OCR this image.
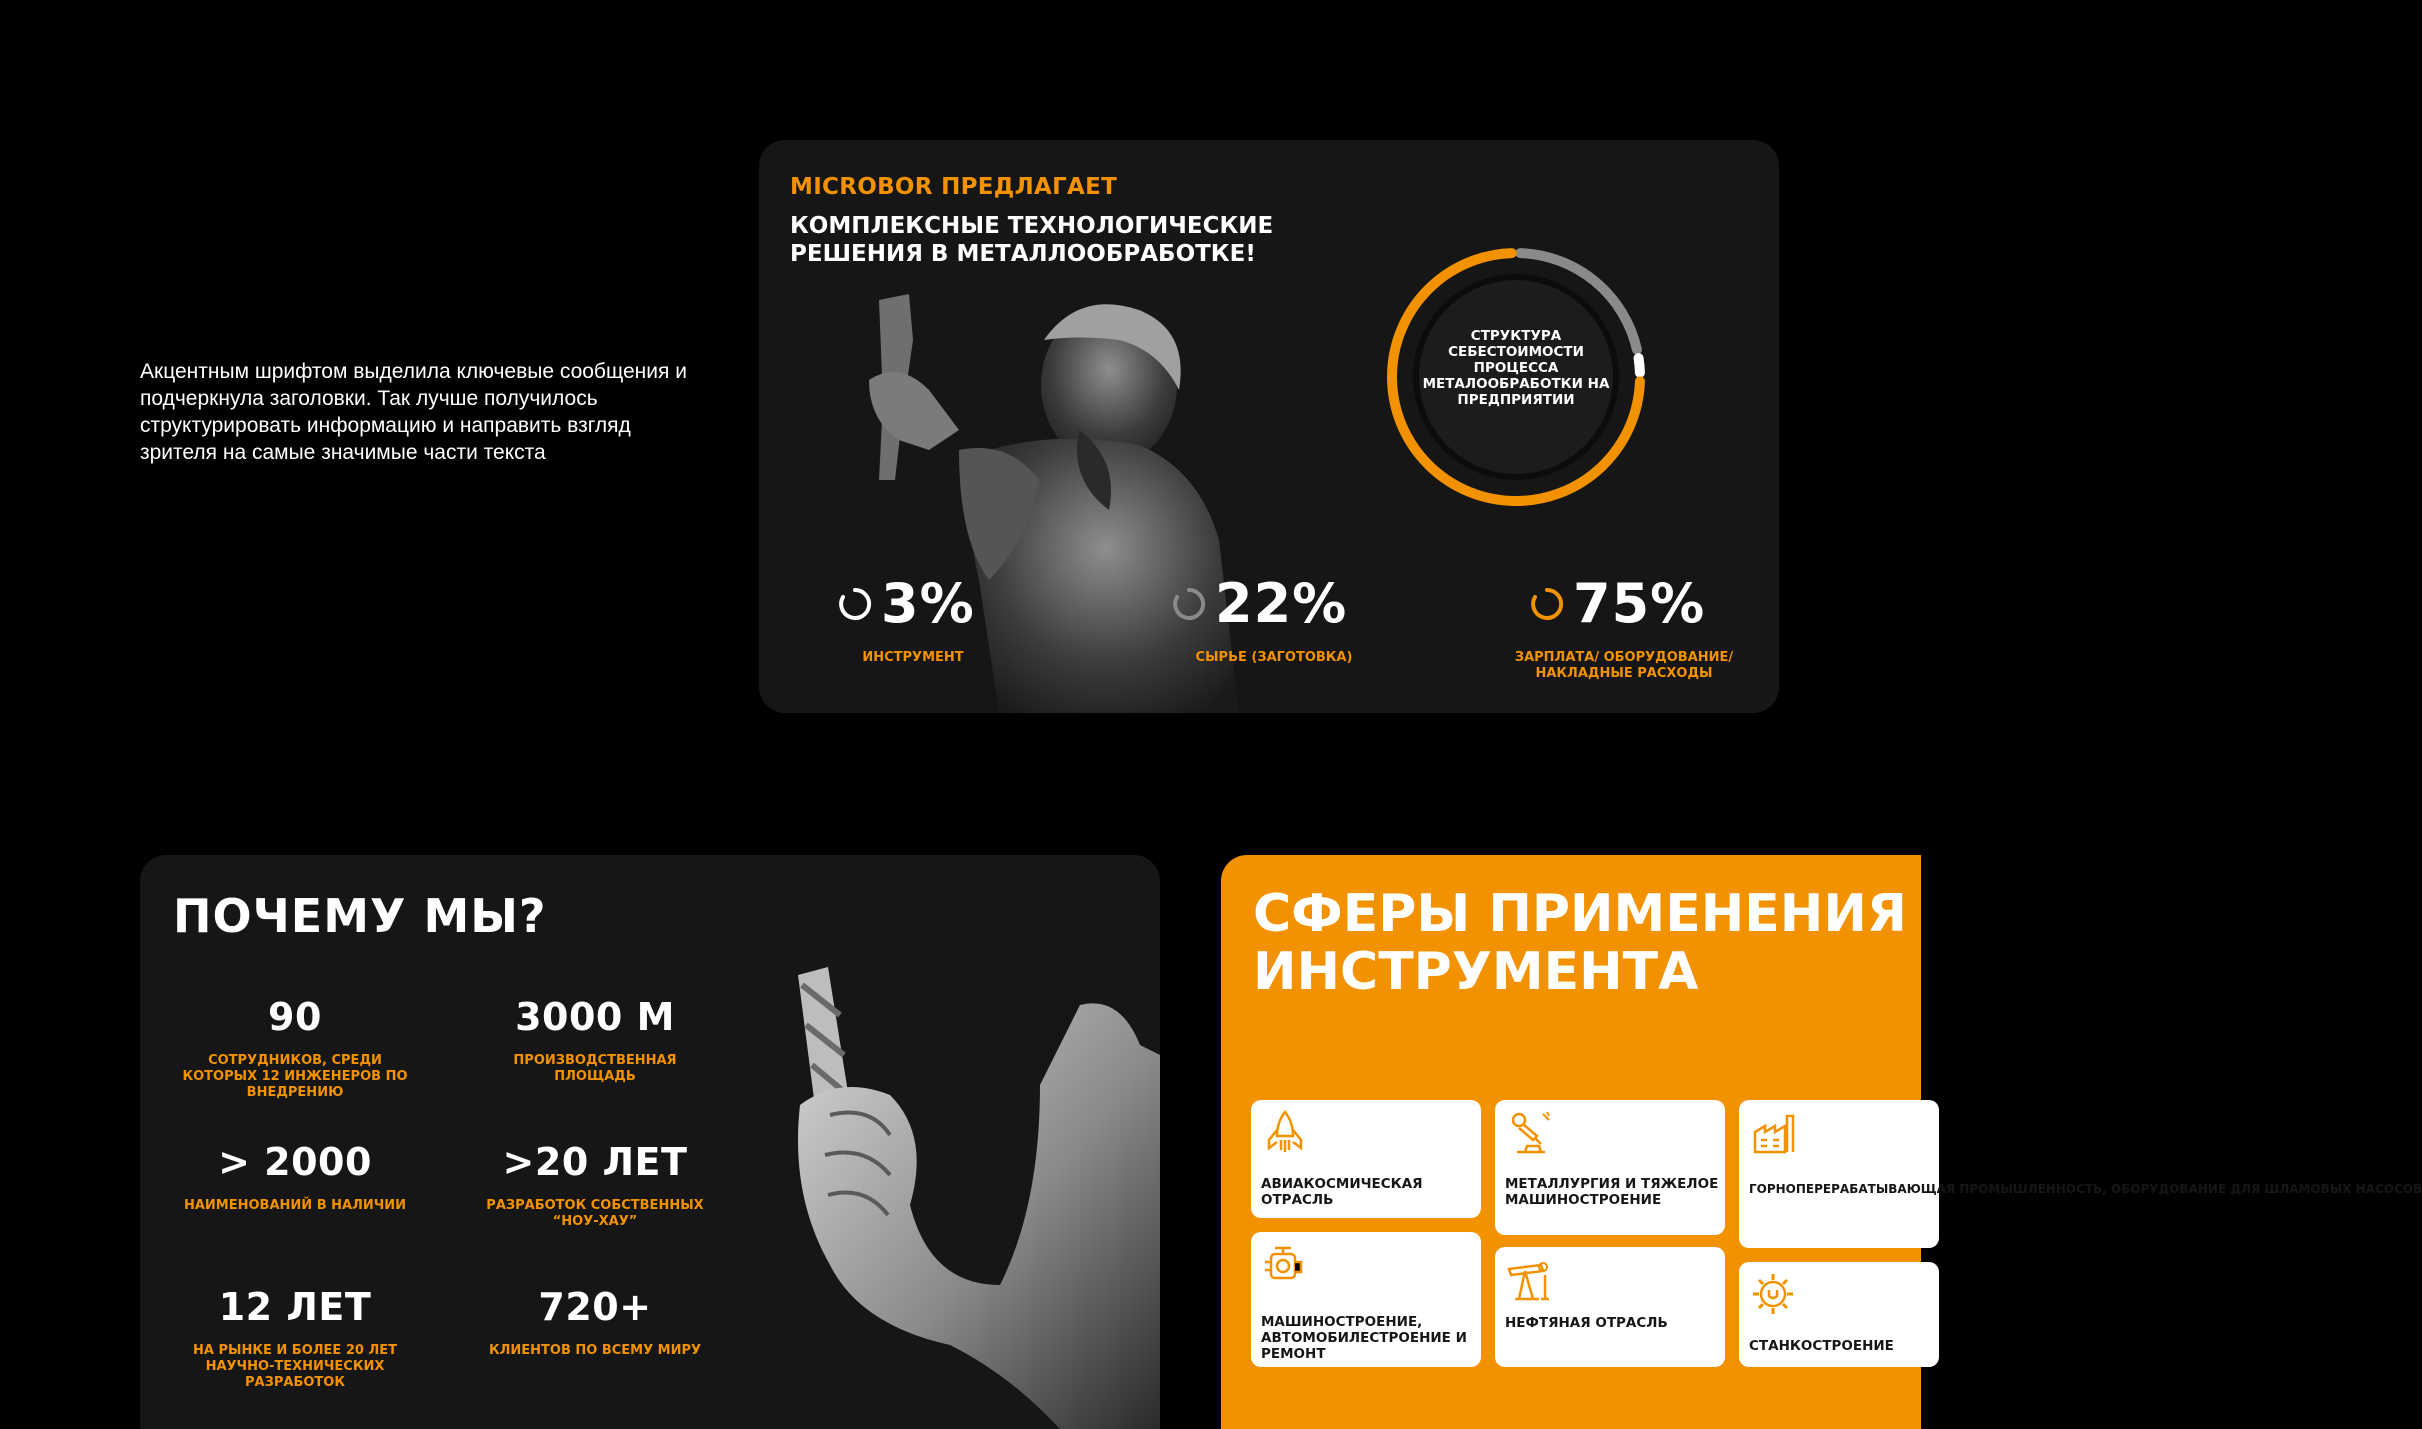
Акцентным шрифтом выделила ключевые сообщения и подчеркнула заголовки. Так лучше получилось структурировать информацию и направить взгляд зрителя на самые значимые части текста
MICROBOR ПРЕДЛАГАЕТ
КОМПЛЕКСНЫЕ ТЕХНОЛОГИЧЕСКИЕ РЕШЕНИЯ В МЕТАЛЛООБРАБОТКЕ!
СТРУКТУРА СЕБЕСТОИМОСТИ ПРОЦЕССА МЕТАЛООБРАБОТКИ НА ПРЕДПРИЯТИИ
3%
ИНСТРУМЕНТ
22%
СЫРЬЕ (ЗАГОТОВКА)
75%
ЗАРПЛАТА/ ОБОРУДОВАНИЕ/ НАКЛАДНЫЕ РАСХОДЫ
ПОЧЕМУ МЫ?
90
СОТРУДНИКОВ, СРЕДИ КОТОРЫХ 12 ИНЖЕНЕРОВ ПО ВНЕДРЕНИЮ
3000 М
ПРОИЗВОДСТВЕННАЯ ПЛОЩАДЬ
> 2000
НАИМЕНОВАНИЙ В НАЛИЧИИ
>20 ЛЕТ
РАЗРАБОТОК СОБСТВЕННЫХ “НОУ-ХАУ”
12 ЛЕТ
НА РЫНКЕ И БОЛЕЕ 20 ЛЕТ НАУЧНО-ТЕХНИЧЕСКИХ РАЗРАБОТОК
720+
КЛИЕНТОВ ПО ВСЕМУ МИРУ
СФЕРЫ ПРИМЕНЕНИЯ ИНСТРУМЕНТА
АВИАКОСМИЧЕСКАЯ ОТРАСЛЬ
МЕТАЛЛУРГИЯ И ТЯЖЕЛОЕ МАШИНОСТРОЕНИЕ
ГОРНОПЕРЕРАБАТЫВАЮЩАЯ ПРОМЫШЛЕННОСТЬ, ОБОРУДОВАНИЕ ДЛЯ ШЛАМОВЫХ НАСОСОВ
МАШИНОСТРОЕНИЕ, АВТОМОБИЛЕСТРОЕНИЕ И РЕМОНТ
НЕФТЯНАЯ ОТРАСЛЬ
СТАНКОСТРОЕНИЕ
